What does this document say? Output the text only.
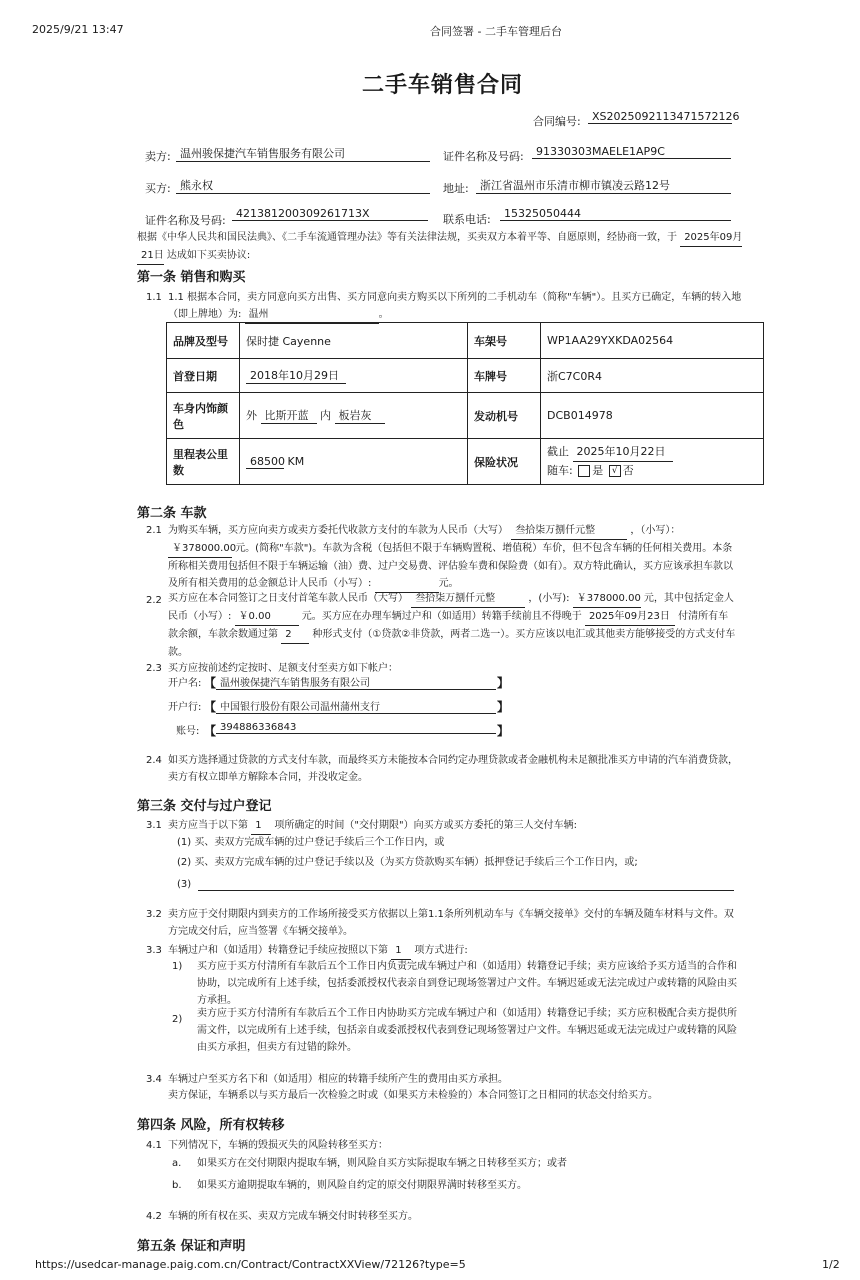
2025/9/21 13:47	合同签署 - 二手车管理后台
二手车销售合同
合同编号:	XS2025092113471572126
卖方: 温州骏保捷汽车销售服务有限公司	证件名称及号码:	91330303MAELE1AP9C
买方: 熊永权	地址:	浙江省温州市乐清市柳市镇凌云路12号
证件名称及号码:
421381200309261713X	联系电话:	15325050444
根据《中华人民共和国民法典》、《二手车流通管理办法》等有关法律法规，买卖双方本着平等、自愿原则，经协商一致，于 2025年09月
21日 达成如下买卖协议:
第一条 销售和购买
1.1 1.1 根据本合同，卖方同意向买方出售、买方同意向卖方购买以下所列的二手机动车（简称"车辆"）。且买方已确定，车辆的转入地（即上牌地）为: 温州	。
品牌及型号	保时捷 Cayenne	车架号	WP1AA29YXKDA02564
首登日期	2018年10月29日	车牌号	浙C7C0R4
车身内饰颜色	外 比斯开蓝 内 板岩灰	发动机号	DCB014978
里程表公里数	68500 KM	保险状况	截止 2025年10月22日
随车: 是 √ 否
第二条 车款
2.1 为购买车辆，买方应向卖方或卖方委托代收款方支付的车款为人民币（大写） 叁拾柒万捌仟元整	，（小写）： ￥378000.00 元。(简称"车款")。车款为含税（包括但不限于车辆购置税、增值税）车价，但不包含车辆的任何相关费用。本条所称相关费用包括但不限于车辆运输（油）费、过户交易费、评估验车费和保险费（如有）。双方特此确认，买方应该承担车款以及所有相关费用的总金额总计人民币（小写）:	元。
2.2 买方应在本合同签订之日支付首笔车款人民币（大写） 叁拾柒万捌仟元整	，(小写): ￥378000.00 元，其中包括定金人民币（小写）: ￥0.00	元。买方应在办理车辆过户和（如适用）转籍手续前且不得晚于 2025年09月23日 付清所有车款余额，车款余数通过第 2 种形式支付（①贷款②非贷款，两者二选一）。买方应该以电汇或其他卖方能够接受的方式支付车款。
2.3 买方应按前述约定按时、足额支付至卖方如下帐户：
开户名: 【 温州骏保捷汽车销售服务有限公司	】
开户行: 【 中国银行股份有限公司温州蒲州支行	】
账号: 【 394886336843	】
2.4 如买方选择通过贷款的方式支付车款，而最终买方未能按本合同约定办理贷款或者金融机构未足额批准买方申请的汽车消费贷款，卖方有权立即单方解除本合同，并没收定金。
第三条 交付与过户登记
3.1 卖方应当于以下第 1 项所确定的时间（"交付期限"）向买方或买方委托的第三人交付车辆:
(1) 买、卖双方完成车辆的过户登记手续后三个工作日内，或
(2) 买、卖双方完成车辆的过户登记手续以及（为买方贷款购买车辆）抵押登记手续后三个工作日内，或;
(3)
3.2 卖方应于交付期限内到卖方的工作场所接受买方依据以上第1.1条所列机动车与《车辆交接单》交付的车辆及随车材料与文件。双方完成交付后，应当签署《车辆交接单》。
3.3 车辆过户和（如适用）转籍登记手续应按照以下第 1 项方式进行:
1) 买方应于买方付清所有车款后五个工作日内负责完成车辆过户和（如适用）转籍登记手续；卖方应该给予买方适当的合作和协助，以完成所有上述手续，包括委派授权代表亲自到登记现场签署过户文件。车辆迟延或无法完成过户或转籍的风险由买方承担。
2)
卖方应于买方付清所有车款后五个工作日内协助买方完成车辆过户和（如适用）转籍登记手续；买方应积极配合卖方提供所需文件，以完成所有上述手续，包括亲自或委派授权代表到登记现场签署过户文件。车辆迟延或无法完成过户或转籍的风险由买方承担，但卖方有过错的除外。
3.4 车辆过户至买方名下和（如适用）相应的转籍手续所产生的费用由买方承担。
卖方保证，车辆系以与买方最后一次检验之时或（如果买方未检验的）本合同签订之日相同的状态交付给买方。
第四条 风险，所有权转移
4.1 下列情况下，车辆的毁损灭失的风险转移至买方：
a. 如果买方在交付期限内提取车辆，则风险自买方实际提取车辆之日转移至买方；或者
b. 如果买方逾期提取车辆的，则风险自约定的原交付期限界满时转移至买方。
4.2 车辆的所有权在买、卖双方完成车辆交付时转移至买方。
第五条 保证和声明
https://usedcar-manage.paig.com.cn/Contract/ContractXXView/72126?type=5	1/2
